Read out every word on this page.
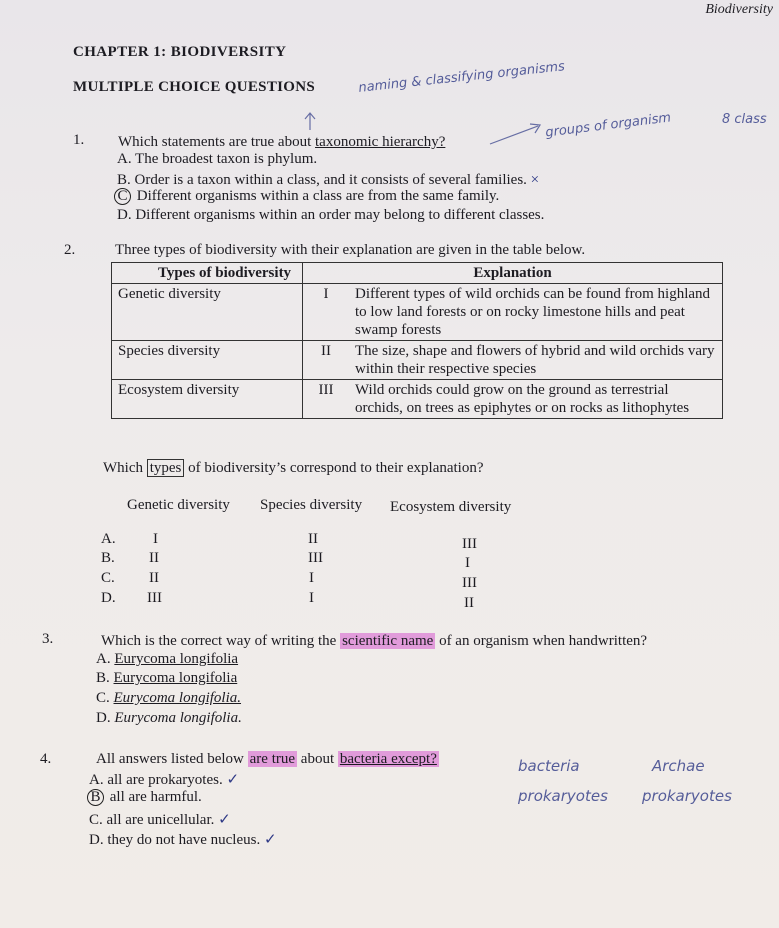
Biodiversity
CHAPTER 1: BIODIVERSITY
MULTIPLE CHOICE QUESTIONS	naming & classifying organisms
groups of organism	8 class
1. Which statements are true about taxonomic hierarchy?
A. The broadest taxon is phylum.
B. Order is a taxon within a class, and it consists of several families. ×
C Different organisms within a class are from the same family.
D. Different organisms within an order may belong to different classes.
2.	Three types of biodiversity with their explanation are given in the table below.
Types of biodiversity	Explanation	
Genetic diversity	I	Different types of wild orchids can be found from highland to low land forests or on rocky limestone hills and peat swamp forests
Species diversity	II	The size, shape and flowers of hybrid and wild orchids vary within their respective species
Ecosystem diversity	III	Wild orchids could grow on the ground as terrestrial orchids, on trees as epiphytes or on rocks as lithophytes
Which types of biodiversity’s correspond to their explanation?
Genetic diversity Species diversity Ecosystem diversity
A. I	II	III
B. II	III	I
C. II	I	III
D. III	I	II
3.	Which is the correct way of writing the scientific name of an organism when handwritten?
A. Eurycoma longifolia
B. Eurycoma longifolia
C. Eurycoma longifolia.
D. Eurycoma longifolia.
4.	All answers listed below are true about bacteria except?	bacteria	Archae
A. all are prokaryotes. ✓
B all are harmful.	prokaryotes prokaryotes
C. all are unicellular. ✓
D. they do not have nucleus. ✓
